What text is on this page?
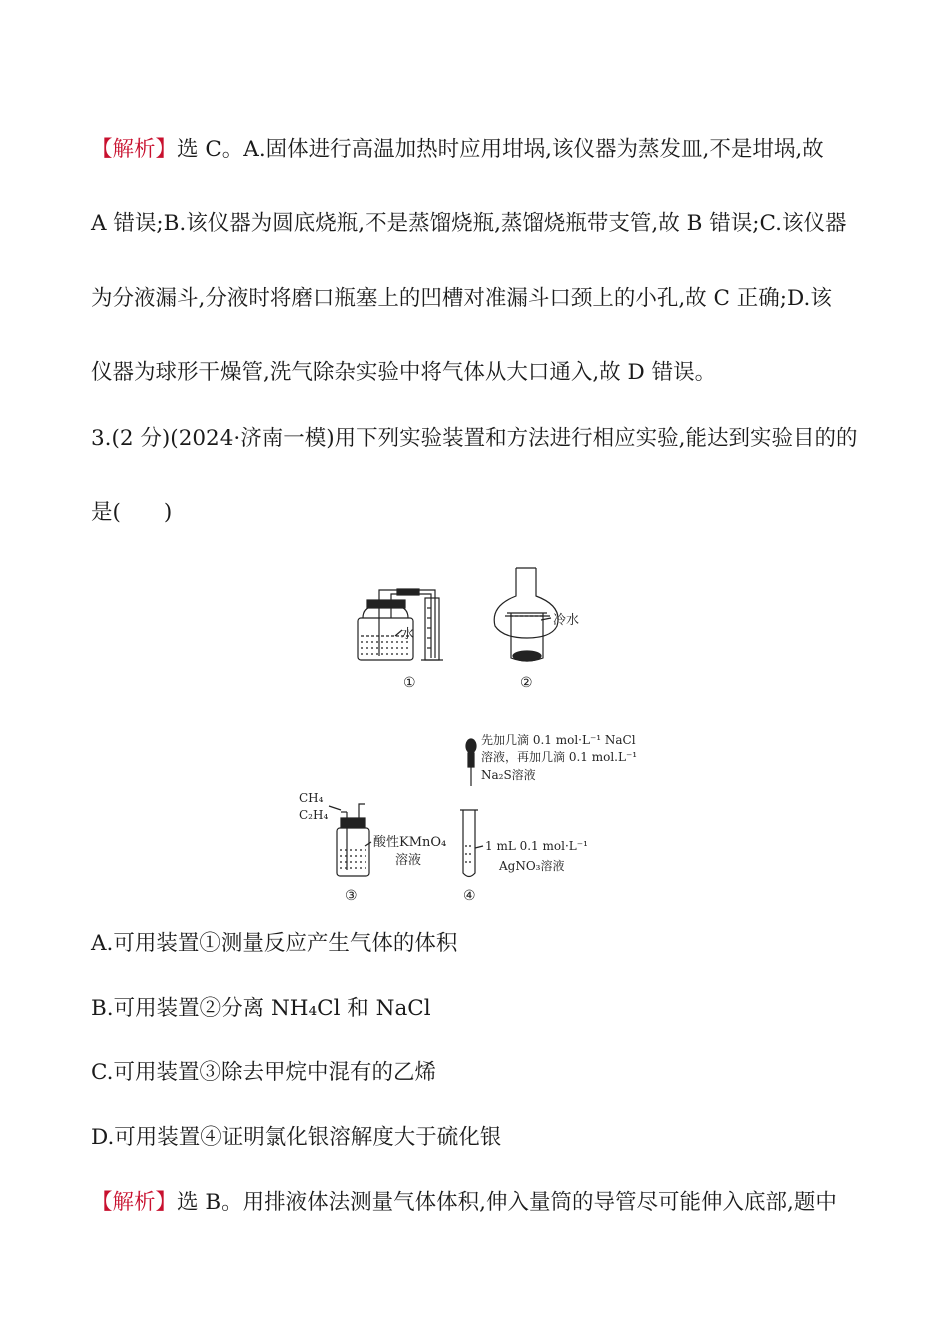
【解析】选 C。A.固体进行高温加热时应用坩埚,该仪器为蒸发皿,不是坩埚,故
A 错误;B.该仪器为圆底烧瓶,不是蒸馏烧瓶,蒸馏烧瓶带支管,故 B 错误;C.该仪器
为分液漏斗,分液时将磨口瓶塞上的凹槽对准漏斗口颈上的小孔,故 C 正确;D.该
仪器为球形干燥管,洗气除杂实验中将气体从大口通入,故 D 错误。
3.(2 分)(2024·济南一模)用下列实验装置和方法进行相应实验,能达到实验目的的
是(　　)
水
①
冷水
②
CH₄
C₂H₄
酸性KMnO₄
溶液
③
先加几滴 0.1 mol·L⁻¹ NaCl
溶液，再加几滴 0.1 mol.L⁻¹
Na₂S溶液
1 mL 0.1 mol·L⁻¹
AgNO₃溶液
④
A.可用装置①测量反应产生气体的体积
B.可用装置②分离 NH₄Cl 和 NaCl
C.可用装置③除去甲烷中混有的乙烯
D.可用装置④证明氯化银溶解度大于硫化银
【解析】选 B。用排液体法测量气体体积,伸入量筒的导管尽可能伸入底部,题中
